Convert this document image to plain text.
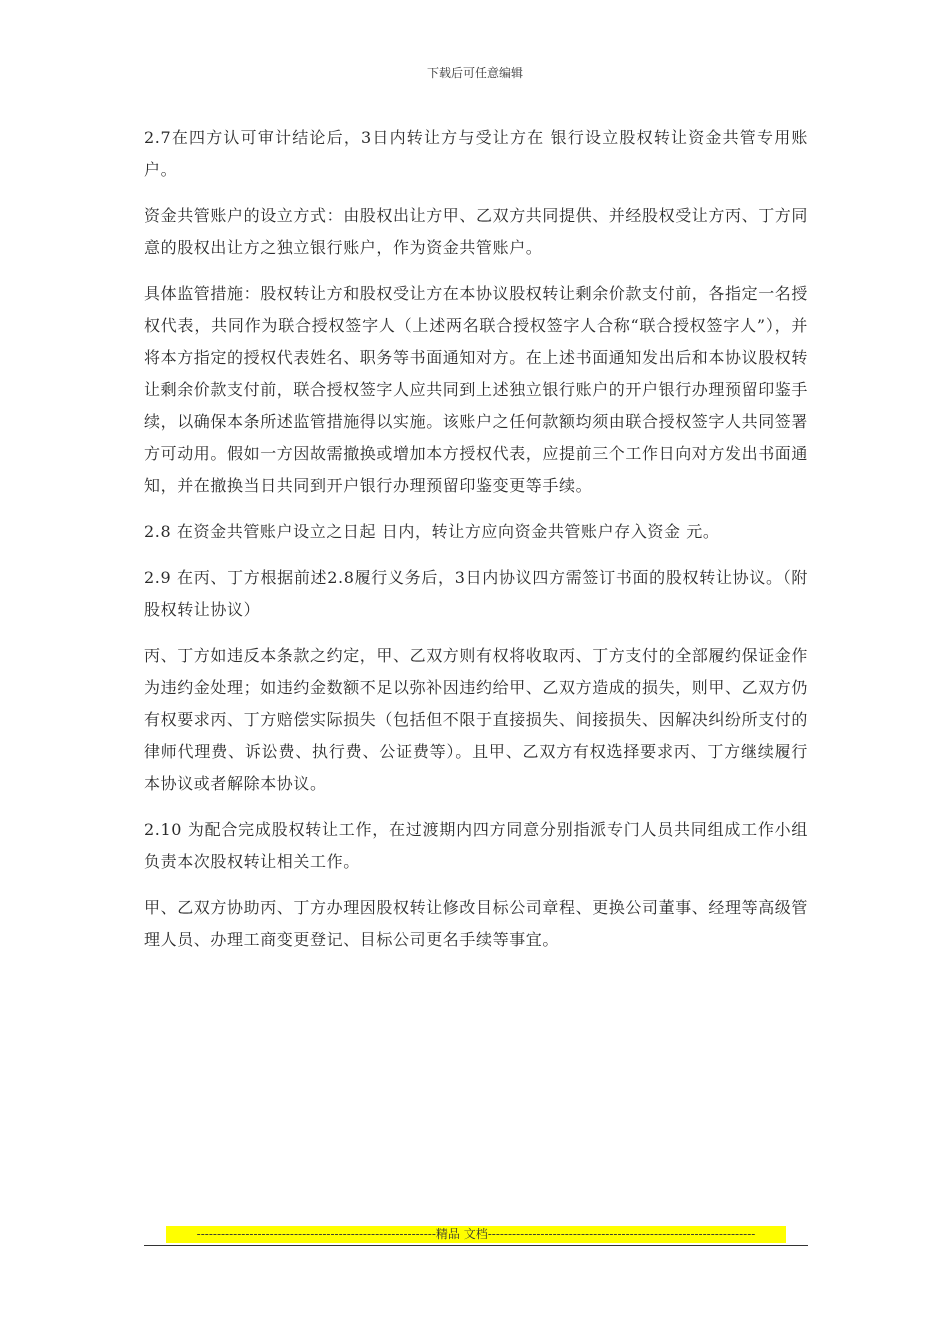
下载后可任意编辑

2.7在四方认可审计结论后，3日内转让方与受让方在 银行设立股权转让资金共管专用账户。

资金共管账户的设立方式：由股权出让方甲、乙双方共同提供、并经股权受让方丙、丁方同意的股权出让方之独立银行账户，作为资金共管账户。

具体监管措施：股权转让方和股权受让方在本协议股权转让剩余价款支付前，各指定一名授权代表，共同作为联合授权签字人（上述两名联合授权签字人合称“联合授权签字人”），并将本方指定的授权代表姓名、职务等书面通知对方。在上述书面通知发出后和本协议股权转让剩余价款支付前，联合授权签字人应共同到上述独立银行账户的开户银行办理预留印鉴手续，以确保本条所述监管措施得以实施。该账户之任何款额均须由联合授权签字人共同签署方可动用。假如一方因故需撤换或增加本方授权代表，应提前三个工作日向对方发出书面通知，并在撤换当日共同到开户银行办理预留印鉴变更等手续。

2.8 在资金共管账户设立之日起 日内，转让方应向资金共管账户存入资金 元。

2.9 在丙、丁方根据前述2.8履行义务后，3日内协议四方需签订书面的股权转让协议。（附股权转让协议）

丙、丁方如违反本条款之约定，甲、乙双方则有权将收取丙、丁方支付的全部履约保证金作为违约金处理；如违约金数额不足以弥补因违约给甲、乙双方造成的损失，则甲、乙双方仍有权要求丙、丁方赔偿实际损失（包括但不限于直接损失、间接损失、因解决纠纷所支付的律师代理费、诉讼费、执行费、公证费等）。且甲、乙双方有权选择要求丙、丁方继续履行本协议或者解除本协议。

2.10 为配合完成股权转让工作，在过渡期内四方同意分别指派专门人员共同组成工作小组负责本次股权转让相关工作。

甲、乙双方协助丙、丁方办理因股权转让修改目标公司章程、更换公司董事、经理等高级管理人员、办理工商变更登记、目标公司更名手续等事宜。

-----------------------------------------------------------精品 文档------------------------------------------------------------------
